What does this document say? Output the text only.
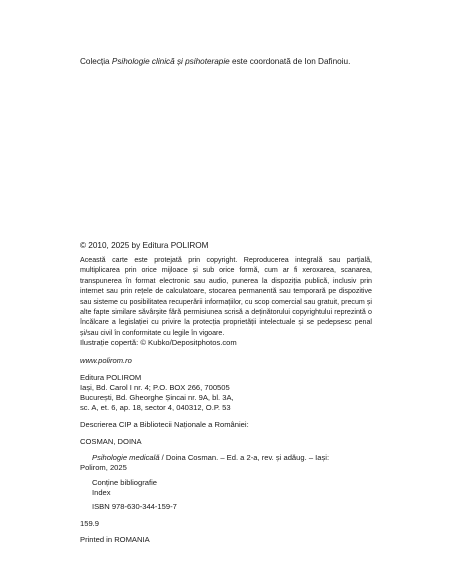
Colecția Psihologie clinică și psihoterapie este coordonată de Ion Dafinoiu.
© 2010, 2025 by Editura POLIROM
Această carte este protejată prin copyright. Reproducerea integrală sau parțială, multiplicarea prin orice mijloace și sub orice formă, cum ar fi xeroxarea, scanarea, transpunerea în format electronic sau audio, punerea la dispoziția publică, inclusiv prin internet sau prin rețele de calculatoare, stocarea permanentă sau temporară pe dispozitive sau sisteme cu posibilitatea recuperării informațiilor, cu scop comercial sau gratuit, precum și alte fapte similare săvârșite fără permisiunea scrisă a deținătorului copyrightului reprezintă o încălcare a legislației cu privire la protecția proprietății intelectuale și se pedepsesc penal și/sau civil în conformitate cu legile în vigoare.
Ilustrație copertă: © Kubko/Depositphotos.com
www.polirom.ro
Editura POLIROM
Iași, Bd. Carol I nr. 4; P.O. BOX 266, 700505
București, Bd. Gheorghe Șincai nr. 9A, bl. 3A,
sc. A, et. 6, ap. 18, sector 4, 040312, O.P. 53
Descrierea CIP a Bibliotecii Naționale a României:
COSMAN, DOINA
Psihologie medicală / Doina Cosman. – Ed. a 2-a, rev. și adăug. – Iași:
Polirom, 2025
Conține bibliografie
Index
ISBN 978-630-344-159-7
159.9
Printed in ROMANIA
